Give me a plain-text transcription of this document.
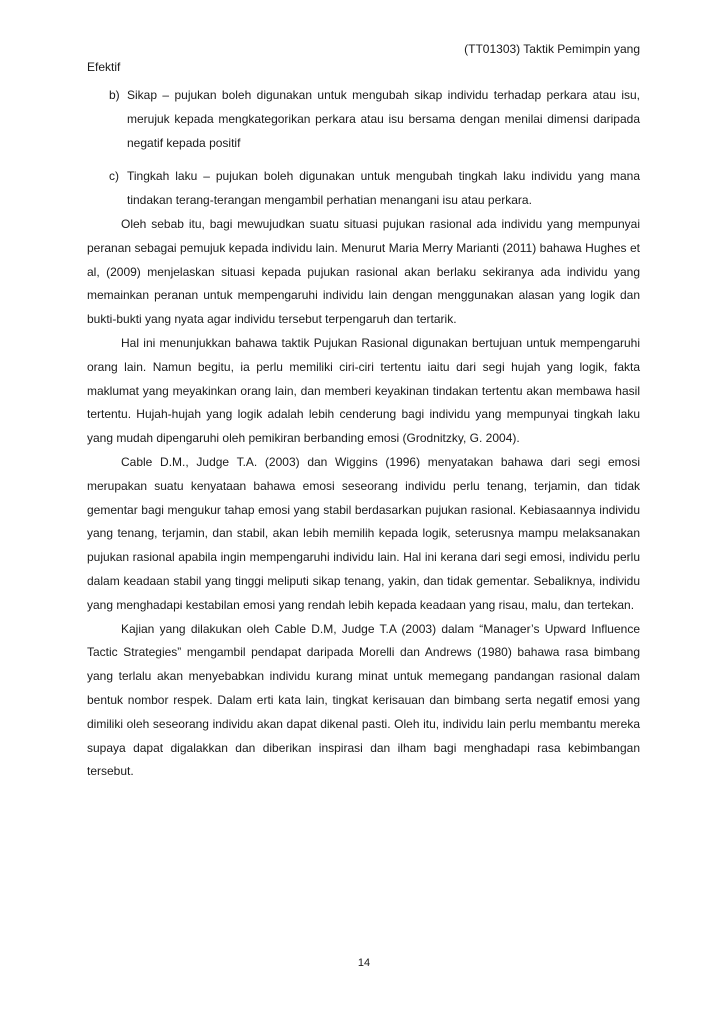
(TT01303) Taktik Pemimpin yang
Efektif
b) Sikap – pujukan boleh digunakan untuk mengubah sikap individu terhadap perkara atau isu, merujuk kepada mengkategorikan perkara atau isu bersama dengan menilai dimensi daripada negatif kepada positif
c) Tingkah laku – pujukan boleh digunakan untuk mengubah tingkah laku individu yang mana tindakan terang-terangan mengambil perhatian menangani isu atau perkara.

Oleh sebab itu, bagi mewujudkan suatu situasi pujukan rasional ada individu yang mempunyai peranan sebagai pemujuk kepada individu lain. Menurut Maria Merry Marianti (2011) bahawa Hughes et al, (2009) menjelaskan situasi kepada pujukan rasional akan berlaku sekiranya ada individu yang memainkan peranan untuk mempengaruhi individu lain dengan menggunakan alasan yang logik dan bukti-bukti yang nyata agar individu tersebut terpengaruh dan tertarik.

Hal ini menunjukkan bahawa taktik Pujukan Rasional digunakan bertujuan untuk mempengaruhi orang lain. Namun begitu, ia perlu memiliki ciri-ciri tertentu iaitu dari segi hujah yang logik, fakta maklumat yang meyakinkan orang lain, dan memberi keyakinan tindakan tertentu akan membawa hasil tertentu. Hujah-hujah yang logik adalah lebih cenderung bagi individu yang mempunyai tingkah laku yang mudah dipengaruhi oleh pemikiran berbanding emosi (Grodnitzky, G. 2004).

Cable D.M., Judge T.A. (2003) dan Wiggins (1996) menyatakan bahawa dari segi emosi merupakan suatu kenyataan bahawa emosi seseorang individu perlu tenang, terjamin, dan tidak gementar bagi mengukur tahap emosi yang stabil berdasarkan pujukan rasional. Kebiasaannya individu yang tenang, terjamin, dan stabil, akan lebih memilih kepada logik, seterusnya mampu melaksanakan pujukan rasional apabila ingin mempengaruhi individu lain. Hal ini kerana dari segi emosi, individu perlu dalam keadaan stabil yang tinggi meliputi sikap tenang, yakin, dan tidak gementar. Sebaliknya, individu yang menghadapi kestabilan emosi yang rendah lebih kepada keadaan yang risau, malu, dan tertekan.

Kajian yang dilakukan oleh Cable D.M, Judge T.A (2003) dalam “Manager’s Upward Influence Tactic Strategies” mengambil pendapat daripada Morelli dan Andrews (1980) bahawa rasa bimbang yang terlalu akan menyebabkan individu kurang minat untuk memegang pandangan rasional dalam bentuk nombor respek. Dalam erti kata lain, tingkat kerisauan dan bimbang serta negatif emosi yang dimiliki oleh seseorang individu akan dapat dikenal pasti. Oleh itu, individu lain perlu membantu mereka supaya dapat digalakkan dan diberikan inspirasi dan ilham bagi menghadapi rasa kebimbangan tersebut.

14
